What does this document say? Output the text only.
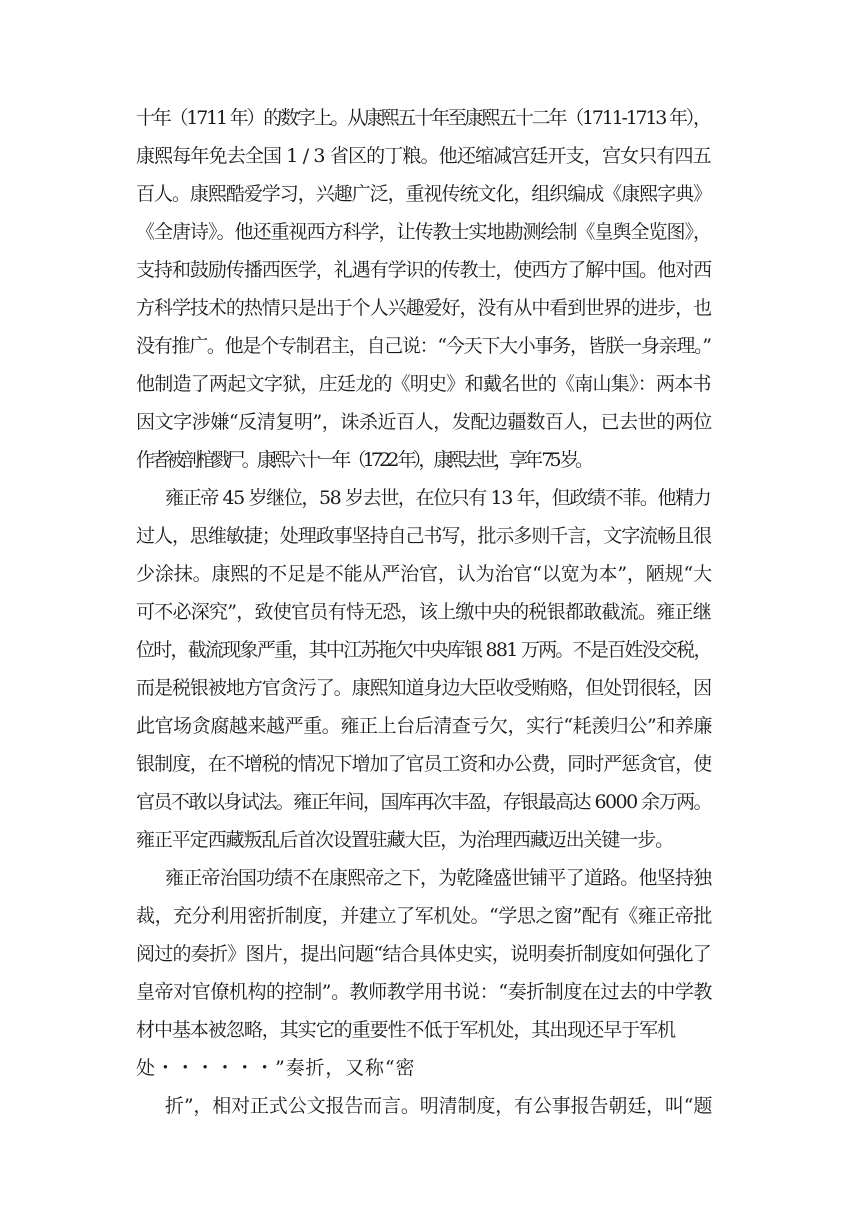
十年（1711 年）的数字上。从康熙五十年至康熙五十二年（1711-1713 年），
康熙每年免去全国 1 / 3 省区的丁粮。他还缩减宫廷开支，宫女只有四五
百人。康熙酷爱学习，兴趣广泛，重视传统文化，组织编成《康熙字典》
《全唐诗》。他还重视西方科学，让传教士实地勘测绘制《皇舆全览图》，
支持和鼓励传播西医学，礼遇有学识的传教士，使西方了解中国。他对西
方科学技术的热情只是出于个人兴趣爱好，没有从中看到世界的进步，也
没有推广。他是个专制君主，自己说：“今天下大小事务，皆朕一身亲理。”
他制造了两起文字狱，庄廷龙的《明史》和戴名世的《南山集》：两本书
因文字涉嫌“反清复明”，诛杀近百人，发配边疆数百人，已去世的两位
作者被剖棺戮尸。康熙六十一年（1722 年），康熙去世，享年 75 岁。
雍正帝 45 岁继位，58 岁去世，在位只有 13 年，但政绩不菲。他精力
过人，思维敏捷；处理政事坚持自己书写，批示多则千言，文字流畅且很
少涂抹。康熙的不足是不能从严治官，认为治官“以宽为本”，陋规“大
可不必深究”，致使官员有恃无恐，该上缴中央的税银都敢截流。雍正继
位时，截流现象严重，其中江苏拖欠中央库银 881 万两。不是百姓没交税，
而是税银被地方官贪污了。康熙知道身边大臣收受贿赂，但处罚很轻，因
此官场贪腐越来越严重。雍正上台后清查亏欠，实行“耗羡归公”和养廉
银制度，在不增税的情况下增加了官员工资和办公费，同时严惩贪官，使
官员不敢以身试法。雍正年间，国库再次丰盈，存银最高达 6000 余万两。
雍正平定西藏叛乱后首次设置驻藏大臣，为治理西藏迈出关键一步。
雍正帝治国功绩不在康熙帝之下，为乾隆盛世铺平了道路。他坚持独
裁，充分利用密折制度，并建立了军机处。“学思之窗”配有《雍正帝批
阅过的奏折》图片，提出问题“结合具体史实，说明奏折制度如何强化了
皇帝对官僚机构的控制”。教师教学用书说：“奏折制度在过去的中学教
材中基本被忽略，其实它的重要性不低于军机处，其出现还早于军机
处・・・・・・”奏折，又称“密
折”，相对正式公文报告而言。明清制度，有公事报告朝廷，叫“题
